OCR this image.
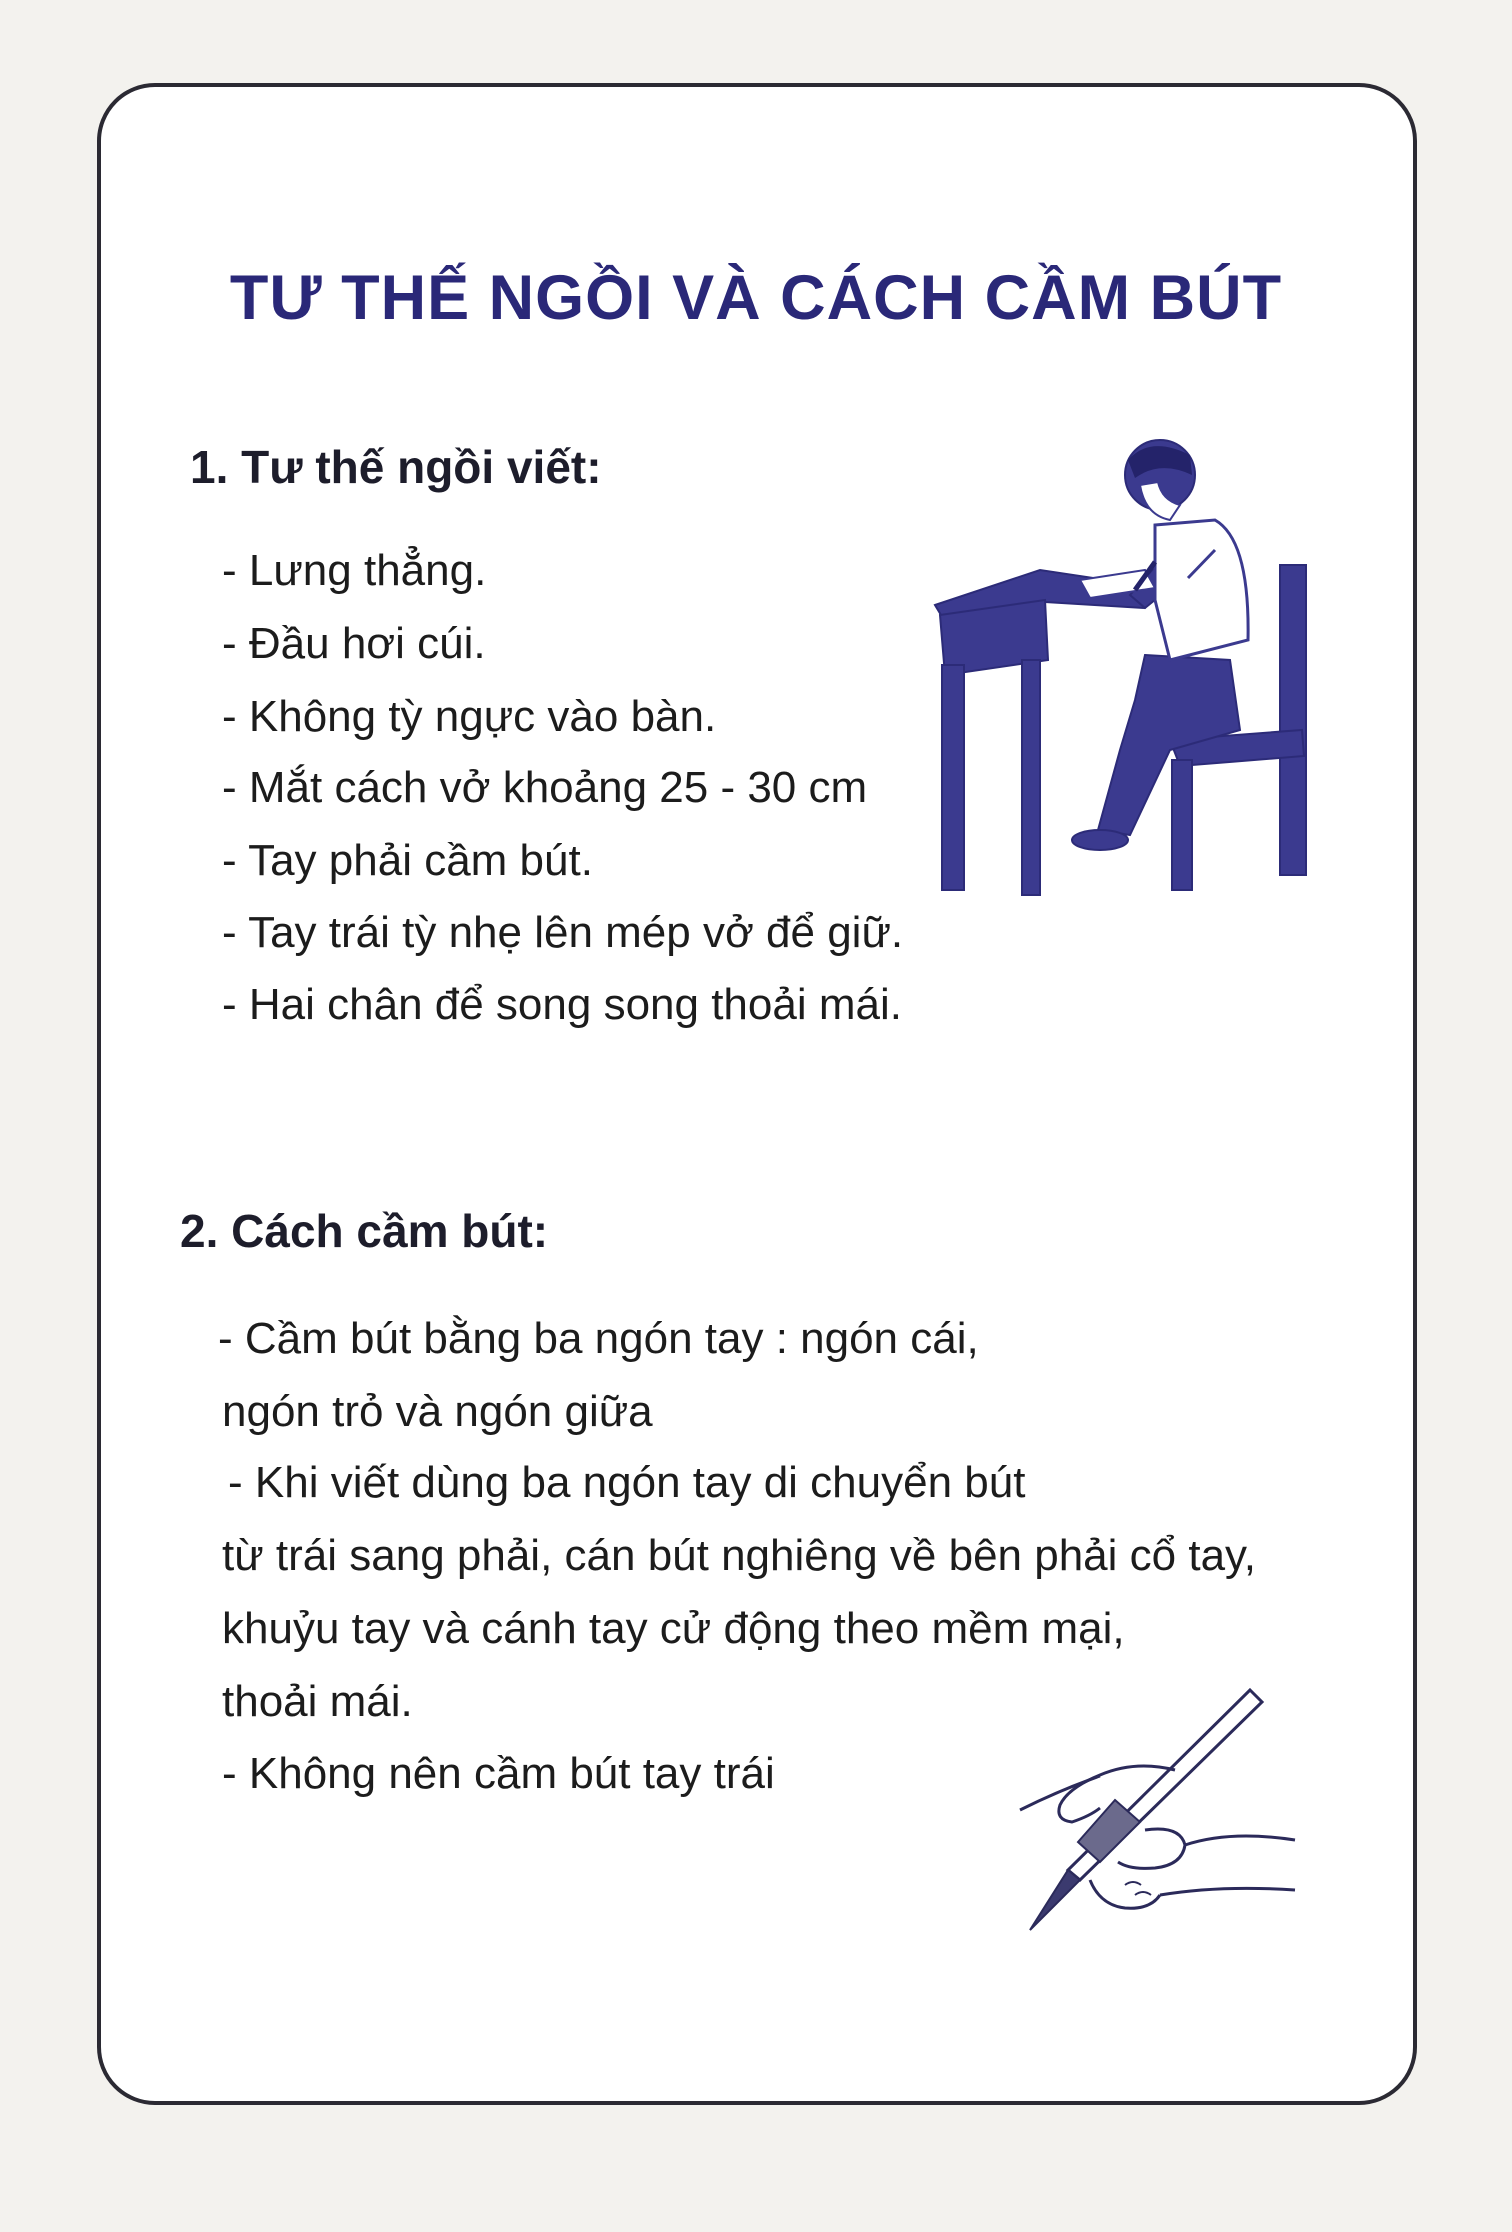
TƯ THẾ NGỒI VÀ CÁCH CẦM BÚT
1. Tư thế ngồi viết:
- Lưng thẳng.
- Đầu hơi cúi.
- Không tỳ ngực vào bàn.
- Mắt cách vở khoảng 25 - 30 cm
- Tay phải cầm bút.
- Tay trái tỳ nhẹ lên mép vở để giữ.
- Hai chân để song song thoải mái.
2. Cách cầm bút:
- Cầm bút bằng ba ngón tay : ngón cái,
ngón trỏ và ngón giữa
- Khi viết dùng ba ngón tay di chuyển bút
từ trái sang phải, cán bút nghiêng về bên phải cổ tay,
khuỷu tay và cánh tay cử động theo mềm mại,
thoải mái.
- Không nên cầm bút tay trái
